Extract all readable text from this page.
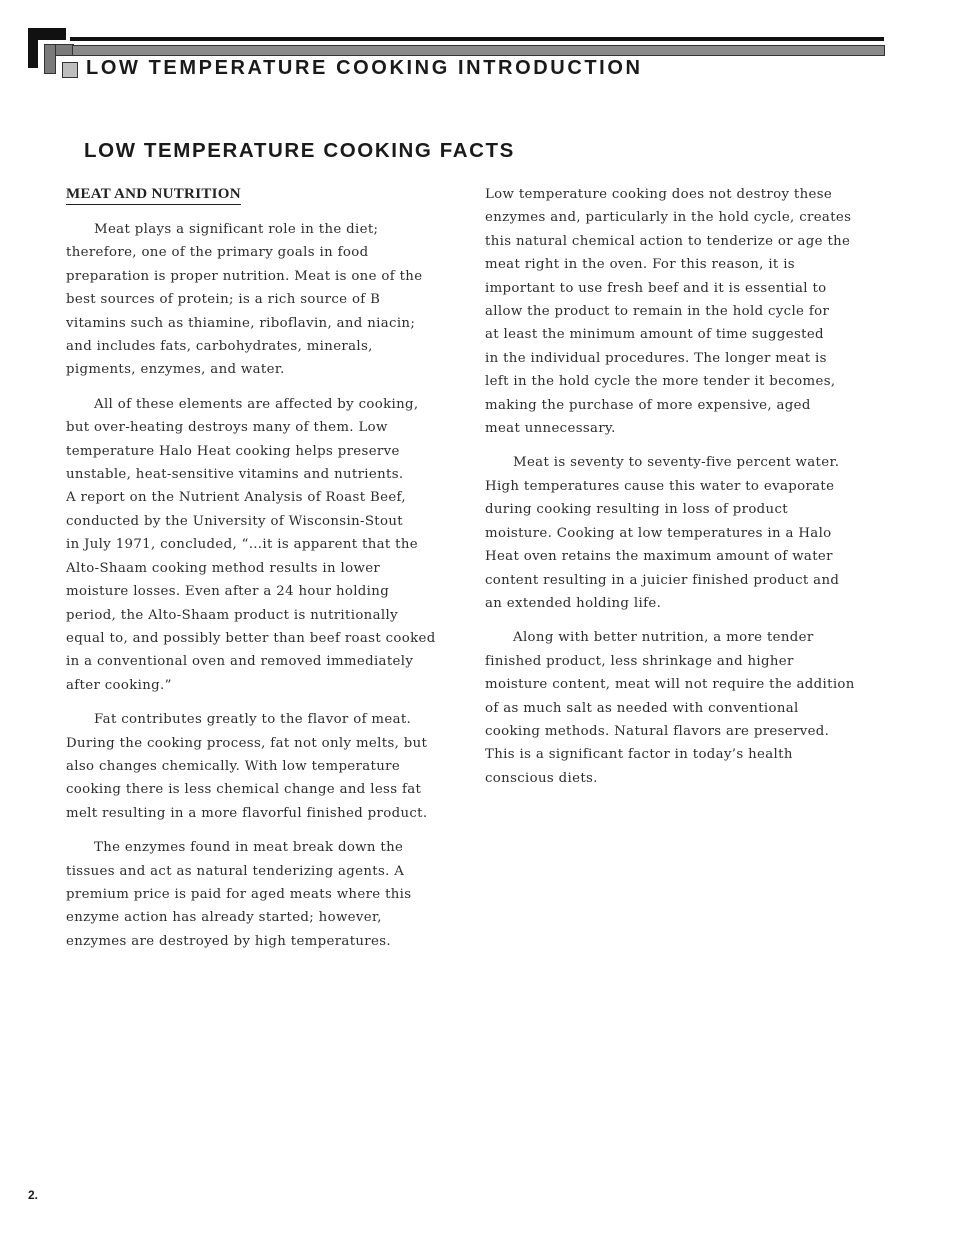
LOW TEMPERATURE COOKING INTRODUCTION
LOW TEMPERATURE COOKING FACTS
MEAT AND NUTRITION
Meat plays a significant role in the diet;
therefore, one of the primary goals in food
preparation is proper nutrition. Meat is one of the
best sources of protein; is a rich source of B
vitamins such as thiamine, riboflavin, and niacin;
and includes fats, carbohydrates, minerals,
pigments, enzymes, and water.
All of these elements are affected by cooking,
but over-heating destroys many of them. Low
temperature Halo Heat cooking helps preserve
unstable, heat-sensitive vitamins and nutrients.
A report on the Nutrient Analysis of Roast Beef,
conducted by the University of Wisconsin-Stout
in July 1971, concluded, “…it is apparent that the
Alto-Shaam cooking method results in lower
moisture losses. Even after a 24 hour holding
period, the Alto-Shaam product is nutritionally
equal to, and possibly better than beef roast cooked
in a conventional oven and removed immediately
after cooking.”
Fat contributes greatly to the flavor of meat.
During the cooking process, fat not only melts, but
also changes chemically. With low temperature
cooking there is less chemical change and less fat
melt resulting in a more flavorful finished product.
The enzymes found in meat break down the
tissues and act as natural tenderizing agents. A
premium price is paid for aged meats where this
enzyme action has already started; however,
enzymes are destroyed by high temperatures.
Low temperature cooking does not destroy these
enzymes and, particularly in the hold cycle, creates
this natural chemical action to tenderize or age the
meat right in the oven. For this reason, it is
important to use fresh beef and it is essential to
allow the product to remain in the hold cycle for
at least the minimum amount of time suggested
in the individual procedures. The longer meat is
left in the hold cycle the more tender it becomes,
making the purchase of more expensive, aged
meat unnecessary.
Meat is seventy to seventy-five percent water.
High temperatures cause this water to evaporate
during cooking resulting in loss of product
moisture. Cooking at low temperatures in a Halo
Heat oven retains the maximum amount of water
content resulting in a juicier finished product and
an extended holding life.
Along with better nutrition, a more tender
finished product, less shrinkage and higher
moisture content, meat will not require the addition
of as much salt as needed with conventional
cooking methods. Natural flavors are preserved.
This is a significant factor in today’s health
conscious diets.
2.
